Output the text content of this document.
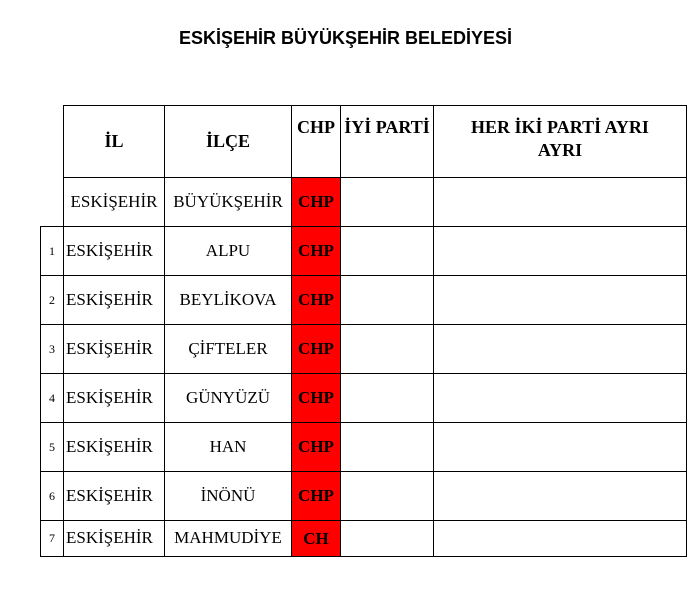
ESKİŞEHİR BÜYÜKŞEHİR BELEDİYESİ
	İL	İLÇE	CHP	İYİ PARTİ	HER İKİ PARTİ AYRI AYRI
	ESKİŞEHİR	BÜYÜKŞEHİR	CHP		
1	ESKİŞEHİR	ALPU	CHP		
2	ESKİŞEHİR	BEYLİKOVA	CHP		
3	ESKİŞEHİR	ÇİFTELER	CHP		
4	ESKİŞEHİR	GÜNYÜZÜ	CHP		
5	ESKİŞEHİR	HAN	CHP		
6	ESKİŞEHİR	İNÖNÜ	CHP		
7	ESKİŞEHİR	MAHMUDİYE	CH		
